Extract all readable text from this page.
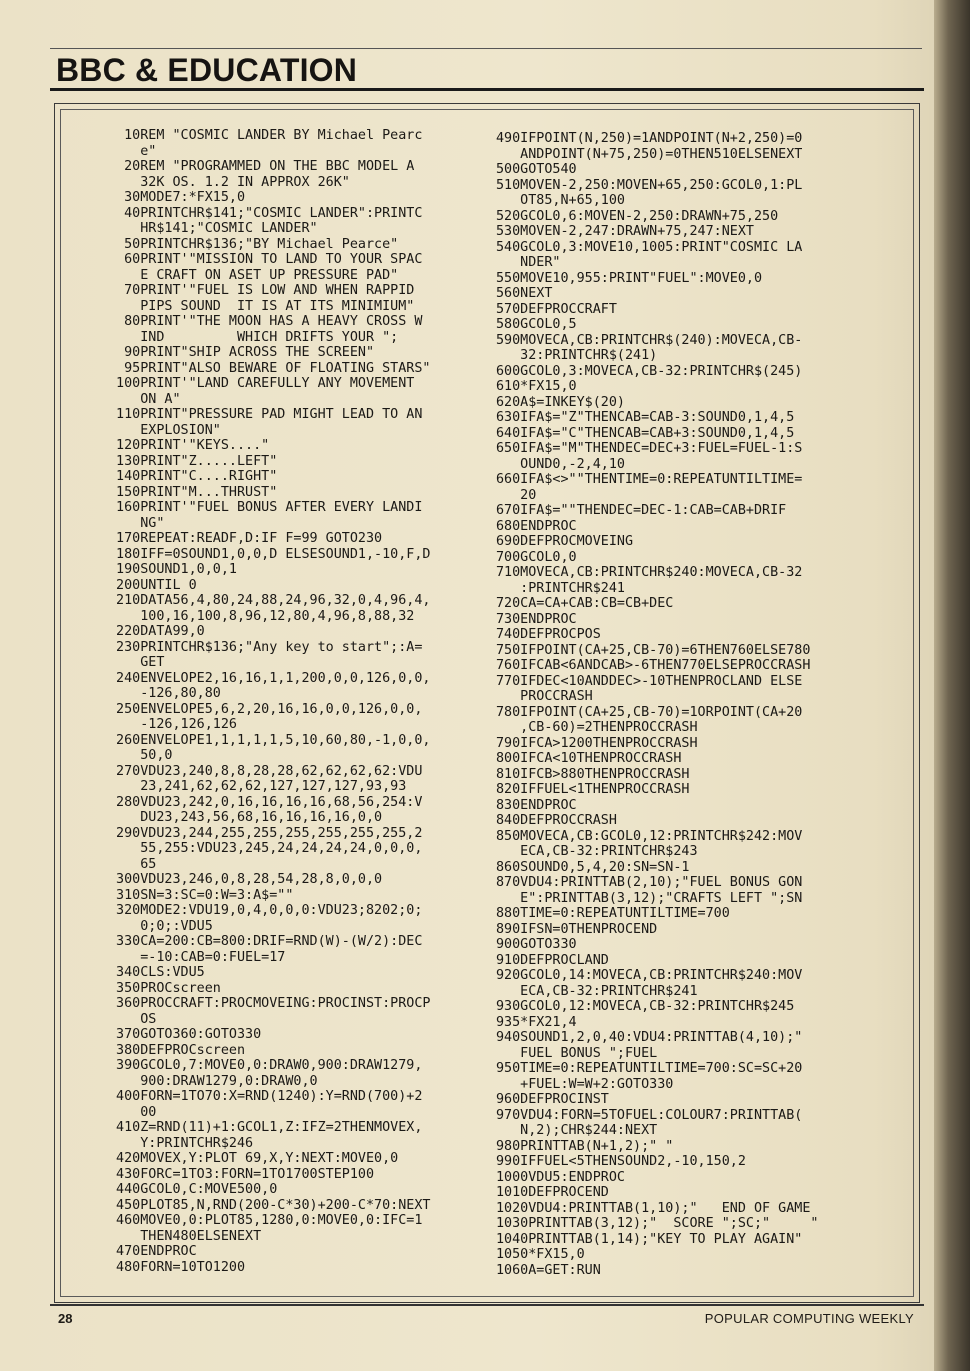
BBC & EDUCATION
10REM "COSMIC LANDER BY Michael Pearc
e"
20REM "PROGRAMMED ON THE BBC MODEL A
32K OS. 1.2 IN APPROX 26K"
30MODE7:*FX15,0
40PRINTCHR$141;"COSMIC LANDER":PRINTC
HR$141;"COSMIC LANDER"
50PRINTCHR$136;"BY Michael Pearce"
60PRINT'"MISSION TO LAND TO YOUR SPAC
E CRAFT ON ASET UP PRESSURE PAD"
70PRINT'"FUEL IS LOW AND WHEN RAPPID
PIPS SOUND  IT IS AT ITS MINIMIUM"
80PRINT'"THE MOON HAS A HEAVY CROSS W
IND         WHICH DRIFTS YOUR ";
90PRINT"SHIP ACROSS THE SCREEN"
95PRINT"ALSO BEWARE OF FLOATING STARS"
100PRINT'"LAND CAREFULLY ANY MOVEMENT
ON A"
110PRINT"PRESSURE PAD MIGHT LEAD TO AN
EXPLOSION"
120PRINT'"KEYS...."
130PRINT"Z.....LEFT"
140PRINT"C....RIGHT"
150PRINT"M...THRUST"
160PRINT'"FUEL BONUS AFTER EVERY LANDI
NG"
170REPEAT:READF,D:IF F=99 GOTO230
180IFF=0SOUND1,0,0,D ELSESOUND1,-10,F,D
190SOUND1,0,0,1
200UNTIL 0
210DATA56,4,80,24,88,24,96,32,0,4,96,4,
100,16,100,8,96,12,80,4,96,8,88,32
220DATA99,0
230PRINTCHR$136;"Any key to start";:A=
GET
240ENVELOPE2,16,16,1,1,200,0,0,126,0,0,
-126,80,80
250ENVELOPE5,6,2,20,16,16,0,0,126,0,0,
-126,126,126
260ENVELOPE1,1,1,1,1,5,10,60,80,-1,0,0,
50,0
270VDU23,240,8,8,28,28,62,62,62,62:VDU
23,241,62,62,62,127,127,127,93,93
280VDU23,242,0,16,16,16,16,68,56,254:V
DU23,243,56,68,16,16,16,16,0,0
290VDU23,244,255,255,255,255,255,255,2
55,255:VDU23,245,24,24,24,24,0,0,0,
65
300VDU23,246,0,8,28,54,28,8,0,0,0
310SN=3:SC=0:W=3:A$=""
320MODE2:VDU19,0,4,0,0,0:VDU23;8202;0;
0;0;:VDU5
330CA=200:CB=800:DRIF=RND(W)-(W/2):DEC
=-10:CAB=0:FUEL=17
340CLS:VDU5
350PROCscreen
360PROCCRAFT:PROCMOVEING:PROCINST:PROCP
OS
370GOTO360:GOTO330
380DEFPROCscreen
390GCOL0,7:MOVE0,0:DRAW0,900:DRAW1279,
900:DRAW1279,0:DRAW0,0
400FORN=1TO70:X=RND(1240):Y=RND(700)+2
00
410Z=RND(11)+1:GCOL1,Z:IFZ=2THENMOVEX,
Y:PRINTCHR$246
420MOVEX,Y:PLOT 69,X,Y:NEXT:MOVE0,0
430FORC=1TO3:FORN=1TO1700STEP100
440GCOL0,C:MOVE500,0
450PLOT85,N,RND(200-C*30)+200-C*70:NEXT
460MOVE0,0:PLOT85,1280,0:MOVE0,0:IFC=1
THEN480ELSENEXT
470ENDPROC
480FORN=10TO1200
490IFPOINT(N,250)=1ANDPOINT(N+2,250)=0
ANDPOINT(N+75,250)=0THEN510ELSENEXT
500GOTO540
510MOVEN-2,250:MOVEN+65,250:GCOL0,1:PL
OT85,N+65,100
520GCOL0,6:MOVEN-2,250:DRAWN+75,250
530MOVEN-2,247:DRAWN+75,247:NEXT
540GCOL0,3:MOVE10,1005:PRINT"COSMIC LA
NDER"
550MOVE10,955:PRINT"FUEL":MOVE0,0
560NEXT
570DEFPROCCRAFT
580GCOL0,5
590MOVECA,CB:PRINTCHR$(240):MOVECA,CB-
32:PRINTCHR$(241)
600GCOL0,3:MOVECA,CB-32:PRINTCHR$(245)
610*FX15,0
620A$=INKEY$(20)
630IFA$="Z"THENCAB=CAB-3:SOUND0,1,4,5
640IFA$="C"THENCAB=CAB+3:SOUND0,1,4,5
650IFA$="M"THENDEC=DEC+3:FUEL=FUEL-1:S
OUND0,-2,4,10
660IFA$<>""THENTIME=0:REPEATUNTILTIME=
20
670IFA$=""THENDEC=DEC-1:CAB=CAB+DRIF
680ENDPROC
690DEFPROCMOVEING
700GCOL0,0
710MOVECA,CB:PRINTCHR$240:MOVECA,CB-32
:PRINTCHR$241
720CA=CA+CAB:CB=CB+DEC
730ENDPROC
740DEFPROCPOS
750IFPOINT(CA+25,CB-70)=6THEN760ELSE780
760IFCAB<6ANDCAB>-6THEN770ELSEPROCCRASH
770IFDEC<10ANDDEC>-10THENPROCLAND ELSE
PROCCRASH
780IFPOINT(CA+25,CB-70)=1ORPOINT(CA+20
,CB-60)=2THENPROCCRASH
790IFCA>1200THENPROCCRASH
800IFCA<10THENPROCCRASH
810IFCB>880THENPROCCRASH
820IFFUEL<1THENPROCCRASH
830ENDPROC
840DEFPROCCRASH
850MOVECA,CB:GCOL0,12:PRINTCHR$242:MOV
ECA,CB-32:PRINTCHR$243
860SOUND0,5,4,20:SN=SN-1
870VDU4:PRINTTAB(2,10);"FUEL BONUS GON
E":PRINTTAB(3,12);"CRAFTS LEFT ";SN
880TIME=0:REPEATUNTILTIME=700
890IFSN=0THENPROCEND
900GOTO330
910DEFPROCLAND
920GCOL0,14:MOVECA,CB:PRINTCHR$240:MOV
ECA,CB-32:PRINTCHR$241
930GCOL0,12:MOVECA,CB-32:PRINTCHR$245
935*FX21,4
940SOUND1,2,0,40:VDU4:PRINTTAB(4,10);"
FUEL BONUS ";FUEL
950TIME=0:REPEATUNTILTIME=700:SC=SC+20
+FUEL:W=W+2:GOTO330
960DEFPROCINST
970VDU4:FORN=5TOFUEL:COLOUR7:PRINTTAB(
N,2);CHR$244:NEXT
980PRINTTAB(N+1,2);" "
990IFFUEL<5THENSOUND2,-10,150,2
1000VDU5:ENDPROC
1010DEFPROCEND
1020VDU4:PRINTTAB(1,10);"   END OF GAME
1030PRINTTAB(3,12);"  SCORE ";SC;"     "
1040PRINTTAB(1,14);"KEY TO PLAY AGAIN"
1050*FX15,0
1060A=GET:RUN
28	POPULAR COMPUTING WEEKLY
